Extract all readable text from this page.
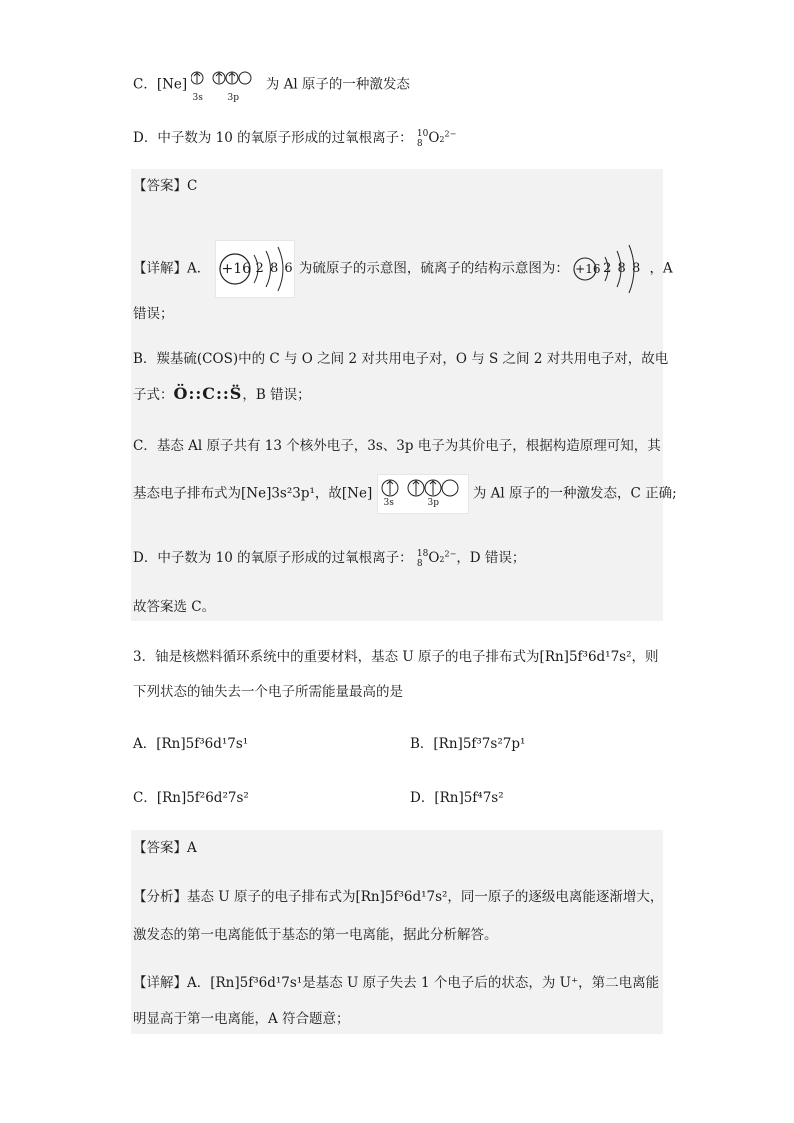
C．[Ne]
3s	3p
为 Al 原子的一种激发态
D．中子数为 10 的氧原子形成的过氧根离子： 10
8 $O2^{2-}$
【答案】C
【详解】A． +16 2 8 6 为硫原子的示意图，硫离子的结构示意图为： +16 2 8 8 ，A
错误；
B．羰基硫(COS)中的 C 与 O 之间 2 对共用电子对，O 与 S 之间 2 对共用电子对，故电
子式：Ö::C::S̈，B 错误；
C．基态 Al 原子共有 13 个核外电子，3s、3p 电子为其价电子，根据构造原理可知，其
基态电子排布式为[Ne]3s²3p¹，故[Ne]
3s	3p
为 Al 原子的一种激发态，C 正确;
D．中子数为 10 的氧原子形成的过氧根离子： 18
8 $O2^{2-}$，D 错误；
故答案选 C。
3．铀是核燃料循环系统中的重要材料，基态 U 原子的电子排布式为[Rn]5f³6d¹7s²，则
下列状态的铀失去一个电子所需能量最高的是
A．[Rn]5f³6d¹7s¹	B．[Rn]5f³7s²7p¹
C．[Rn]5f²6d²7s²	D．[Rn]5f⁴7s²
【答案】A
【分析】基态 U 原子的电子排布式为[Rn]5f³6d¹7s²，同一原子的逐级电离能逐渐增大，
激发态的第一电离能低于基态的第一电离能，据此分析解答。
【详解】A．[Rn]5f³6d¹7s¹是基态 U 原子失去 1 个电子后的状态，为 U⁺，第二电离能
明显高于第一电离能，A 符合题意；
